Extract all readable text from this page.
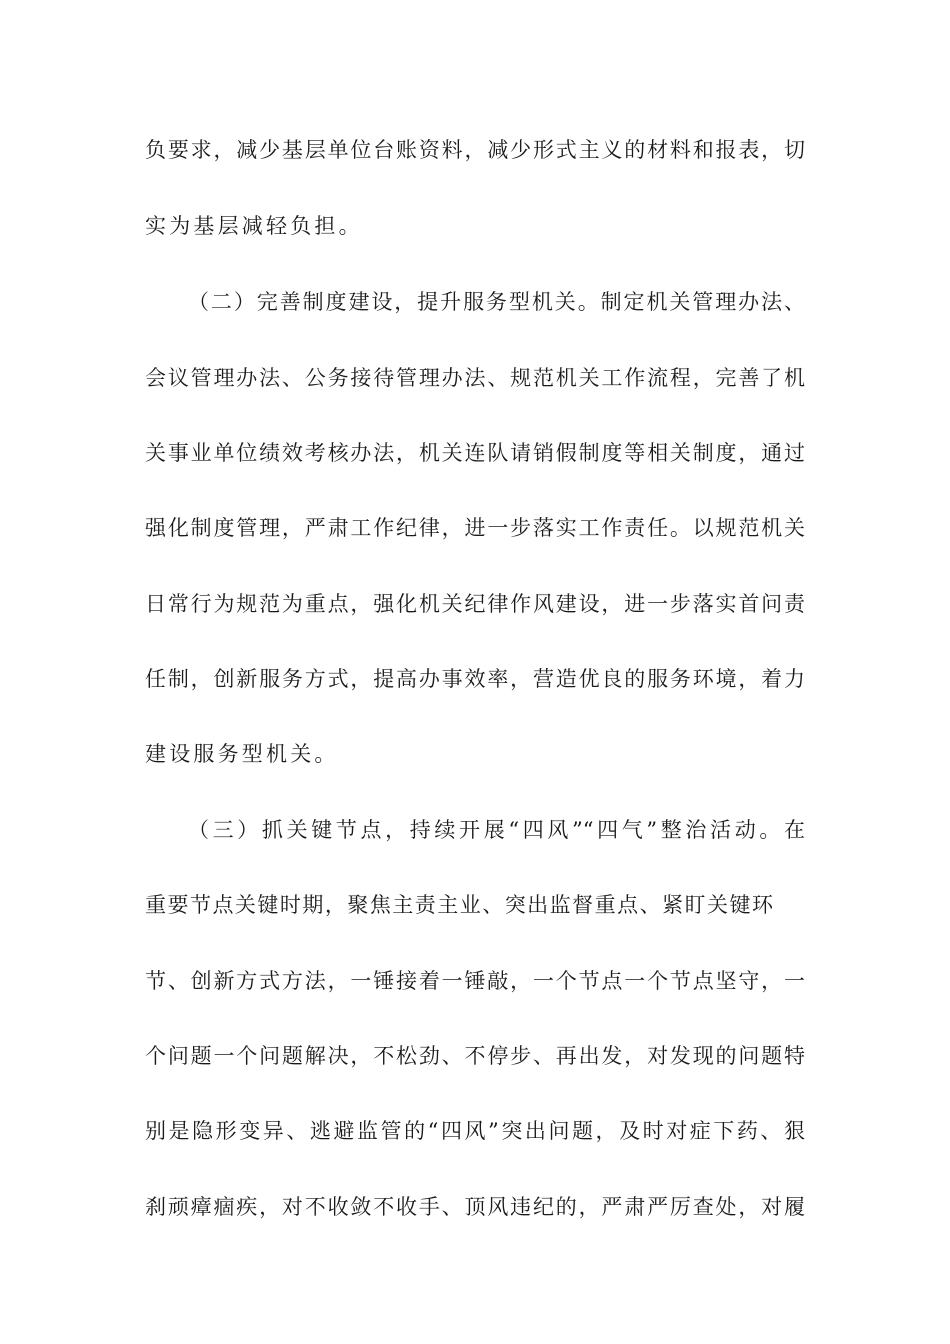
负要求，减少基层单位台账资料，减少形式主义的材料和报表，切
实为基层减轻负担。
（二）完善制度建设，提升服务型机关。制定机关管理办法、
会议管理办法、公务接待管理办法、规范机关工作流程，完善了机
关事业单位绩效考核办法，机关连队请销假制度等相关制度，通过
强化制度管理，严肃工作纪律，进一步落实工作责任。以规范机关
日常行为规范为重点，强化机关纪律作风建设，进一步落实首问责
任制，创新服务方式，提高办事效率，营造优良的服务环境，着力
建设服务型机关。
（三）抓关键节点，持续开展“四风”“四气”整治活动。在
重要节点关键时期，聚焦主责主业、突出监督重点、紧盯关键环
节、创新方式方法，一锤接着一锤敲，一个节点一个节点坚守，一
个问题一个问题解决，不松劲、不停步、再出发，对发现的问题特
别是隐形变异、逃避监管的“四风”突出问题，及时对症下药、狠
刹顽瘴痼疾，对不收敛不收手、顶风违纪的，严肃严厉查处，对履
